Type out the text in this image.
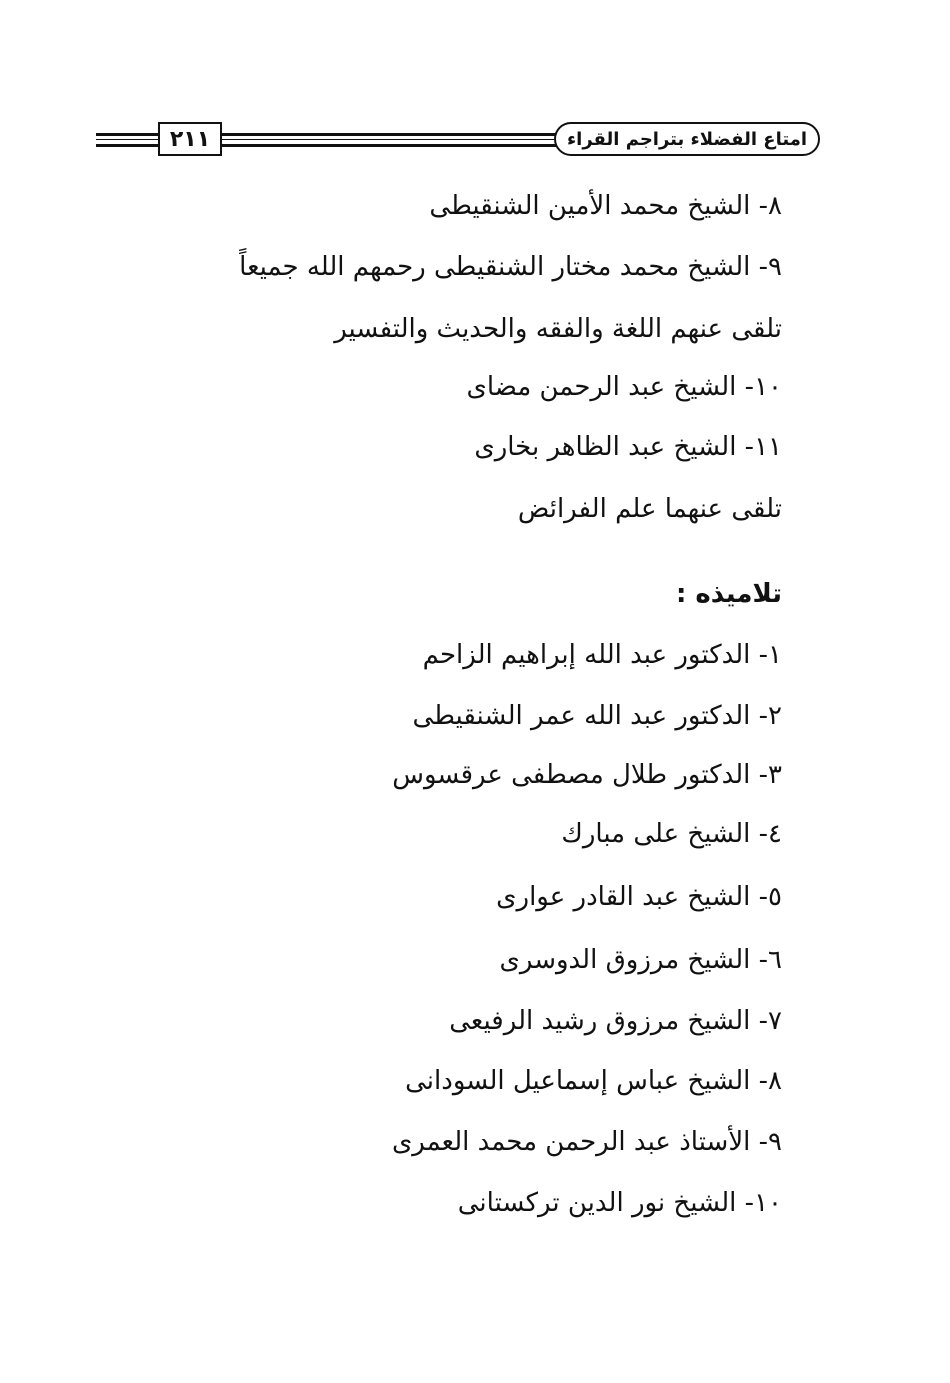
٢١١	امتاع الفضلاء بتراجم القراء
٨- الشيخ محمد الأمين الشنقيطى
٩- الشيخ محمد مختار الشنقيطى رحمهم الله جميعاً
تلقى عنهم اللغة والفقه والحديث والتفسير
١٠- الشيخ عبد الرحمن مضاى
١١- الشيخ عبد الظاهر بخارى
تلقى عنهما علم الفرائض
تلاميذه :
١- الدكتور عبد الله إبراهيم الزاحم
٢- الدكتور عبد الله عمر الشنقيطى
٣- الدكتور طلال مصطفى عرقسوس
٤- الشيخ على مبارك
٥- الشيخ عبد القادر عوارى
٦- الشيخ مرزوق الدوسرى
٧- الشيخ مرزوق رشيد الرفيعى
٨- الشيخ عباس إسماعيل السودانى
٩- الأستاذ عبد الرحمن محمد العمرى
١٠- الشيخ نور الدين تركستانى
